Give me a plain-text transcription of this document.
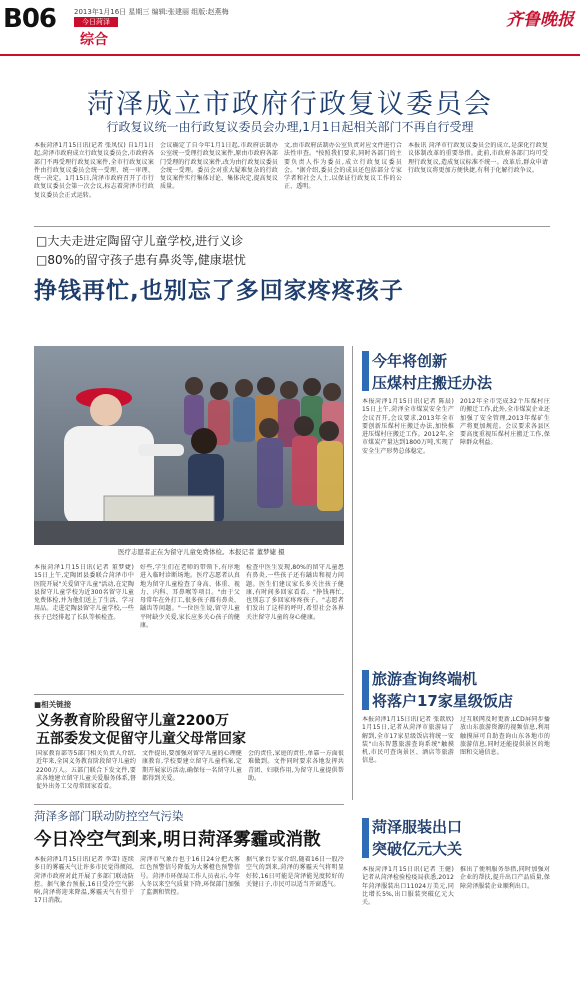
B06	2013年1月16日 星期三 编辑:张建丽 组版:赵燕梅
今日菏泽
综合
齐鲁晚报
菏泽成立市政府行政复议委员会
行政复议统一由行政复议委员会办理,1月1日起相关部门不再自行受理
本报菏泽1月15日讯(记者 张凤仪) 自1月1日起,菏泽市政府成立行政复议委员会,市政府各部门不再受理行政复议案件,全市行政复议案件由行政复议委员会统一受理、统一审理、统一决定。1月15日,菏泽市政府召开了市行政复议委员会第一次会议,标志着菏泽市行政复议委员会正式运转。
会议确定了自今年1月1日起,市政府法制办公室统一受理行政复议案件,原由市政府各部门受理的行政复议案件,改为由行政复议委员会统一受理。委员会对重大疑难复杂的行政复议案件实行集体讨论、集体决定,提高复议质量。
文,由市政府法制办公室负责对应文件进行合法性审查。"按照我们要求,同时各部门的主要负责人作为委员,成立行政复议委员会。"据介绍,委员会的成员还包括部分专家学者和社会人士,以保证行政复议工作的公正、透明。
本报讯 菏泽市行政复议委员会的成立,是深化行政复议体制改革的重要举措。此前,市政府各部门均可受理行政复议,造成复议标准不统一。改革后,群众申请行政复议将更加方便快捷,有利于化解行政争议。
□大夫走进定陶留守儿童学校,进行义诊
□80%的留守孩子患有鼻炎等,健康堪忧
挣钱再忙,也别忘了多回家疼疼孩子
医疗志愿者正在为留守儿童免费体检。本报记者 董梦婕 摄
本报菏泽1月15日讯(记者 董梦婕) 15日上午,定陶团县委联合菏泽市中医院开展"关爱留守儿童"活动,在定陶县留守儿童学校为近300名留守儿童免费体检,并为他们送上了生活、学习用品。走进定陶县留守儿童学校,一些孩子已经排起了长队等候检查。
好些,学生们在老师的带领下,有序地进入临时诊断场地。医疗志愿者认真地为留守儿童检查了身高、体重、视力、内科、耳鼻喉等项目。"由于父母常年在外打工,很多孩子都有鼻炎、龋齿等问题。"一位医生说,留守儿童平时缺少关爱,家长应多关心孩子的健康。
检查中医生发现,80%的留守儿童患有鼻炎,一些孩子还有龋齿和视力问题。医生们建议家长多关注孩子健康,有时间多回家看看。"挣钱再忙,也别忘了多回家疼疼孩子。"志愿者们发出了这样的呼吁,希望社会各界关注留守儿童的身心健康。
■相关链接
义务教育阶段留守儿童2200万
五部委发文促留守儿童父母常回家
国家教育部等5部门相关负责人介绍,近年来,全国义务教育阶段留守儿童约2200万人。五部门联合下发文件,要求各地建立留守儿童关爱服务体系,督促外出务工父母常回家看看。
文件提出,要加强对留守儿童的心理健康教育,学校要建立留守儿童档案,定期开展家访活动,确保每一名留守儿童都得到关爱。
会的责任,家庭的责任,单靠一方面很难做到。文件同时要求各地发挥共青团、妇联作用,为留守儿童提供帮助。
今年将创新
压煤村庄搬迁办法
本报菏泽1月15日讯(记者 陈晨) 15日上午,菏泽全市煤炭安全生产会议召开,会议要求,2013年全市要创新压煤村庄搬迁办法,加快推进压煤村庄搬迁工作。2012年,全市煤炭产量达到1800万吨,实现了安全生产形势总体稳定。
2012年全市完成32个压煤村庄的搬迁工作,此外,全市煤炭企业还加强了安全管理,2013年煤矿生产将更加规范。会议要求各县区要高度重视压煤村庄搬迁工作,保障群众利益。
旅游查询终端机
将落户17家星级饭店
本报菏泽1月15日讯(记者 张歆欣) 1月15日,记者从菏泽市旅游局了解到,全市17家星级饭店将统一安装"山东智慧旅游查询系统"触摸机,市民可查询景区、酒店等旅游信息。
过互联网及时更新,LCD屏同步播放山东旅游资源的视频信息,利用触摸屏可自助查询山东各地市的旅游信息,同时还能提供景区的地图和交通信息。
菏泽服装出口
突破亿元大关
本报菏泽1月15日讯(记者 王健) 记者从菏泽检验检疫局获悉,2012年菏泽服装出口11024万美元,同比增长5%,出口服装突破亿元大关。
推出了便利服务举措,同时加强对企业的帮扶,提升出口产品质量,保障菏泽服装企业顺利出口。
菏泽多部门联动防控空气污染
今日冷空气到来,明日菏泽雾霾或消散
本报菏泽1月15日讯(记者 李雪) 连续多日的雾霾天气让许多市民觉得烦闷,菏泽市政府对此开展了多部门联动防控。据气象台预报,16日受冷空气影响,菏泽将迎来降温,雾霾天气有望于17日消散。
菏泽市气象台也于16日24分把大雾红色预警信号降低为大雾橙色预警信号。菏泽市环保局工作人员表示,今年入冬以来空气质量下降,环保部门加强了监测和管控。
据气象台专家介绍,随着16日一股冷空气的到来,菏泽的雾霾天气将明显好转,16日可能是菏泽能见度转好的关键日子,市民可以适当开窗透气。
